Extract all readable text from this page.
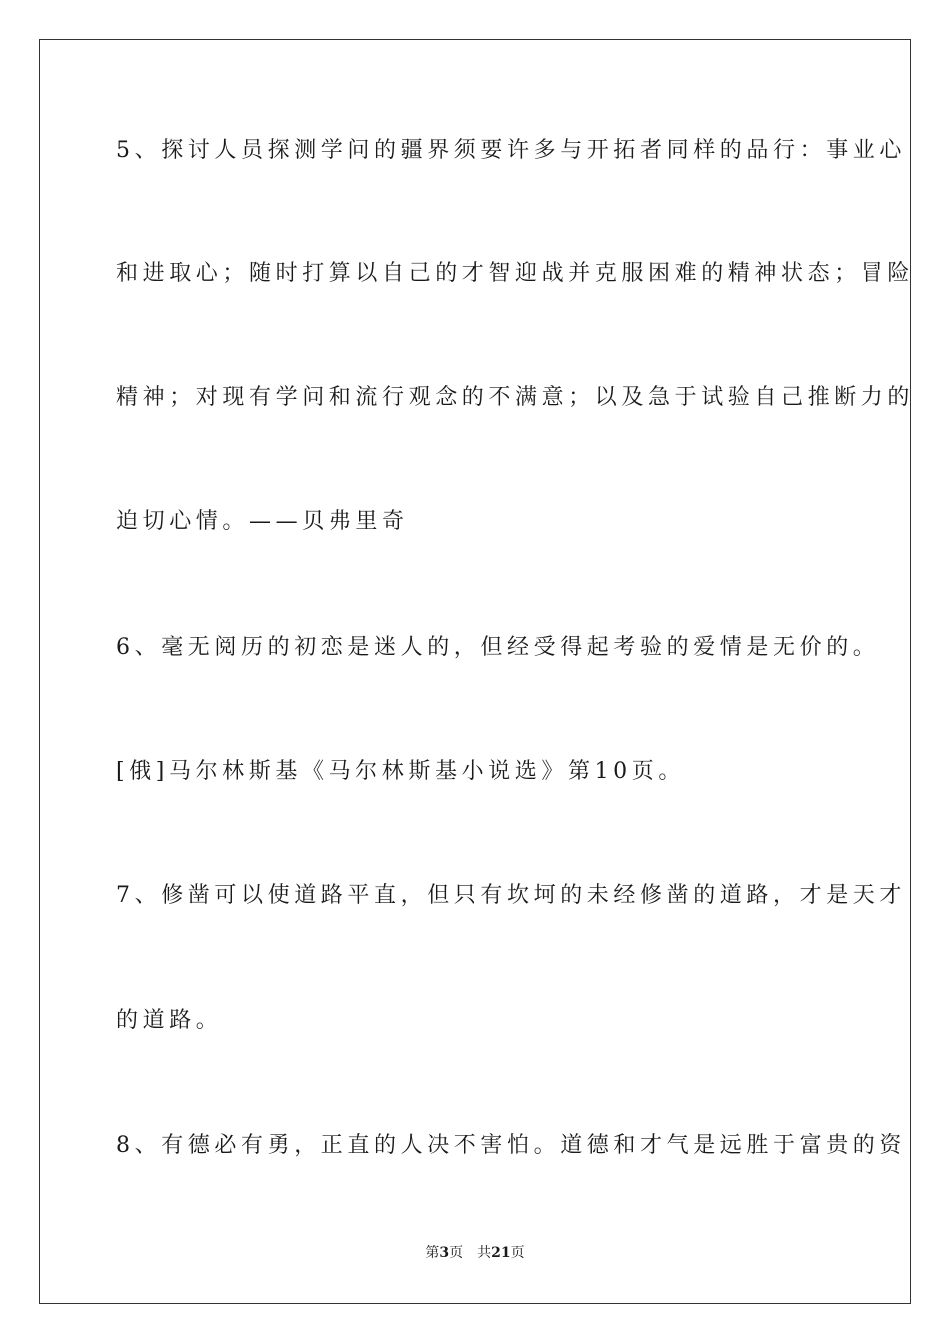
5、探讨人员探测学问的疆界须要许多与开拓者同样的品行：事业心
和进取心；随时打算以自己的才智迎战并克服困难的精神状态；冒险
精神；对现有学问和流行观念的不满意；以及急于试验自己推断力的
迫切心情。——贝弗里奇
6、毫无阅历的初恋是迷人的，但经受得起考验的爱情是无价的。
[俄]马尔林斯基《马尔林斯基小说选》第10页。
7、修凿可以使道路平直，但只有坎坷的未经修凿的道路，才是天才
的道路。
8、有德必有勇，正直的人决不害怕。道德和才气是远胜于富贵的资
第3页 共21页
